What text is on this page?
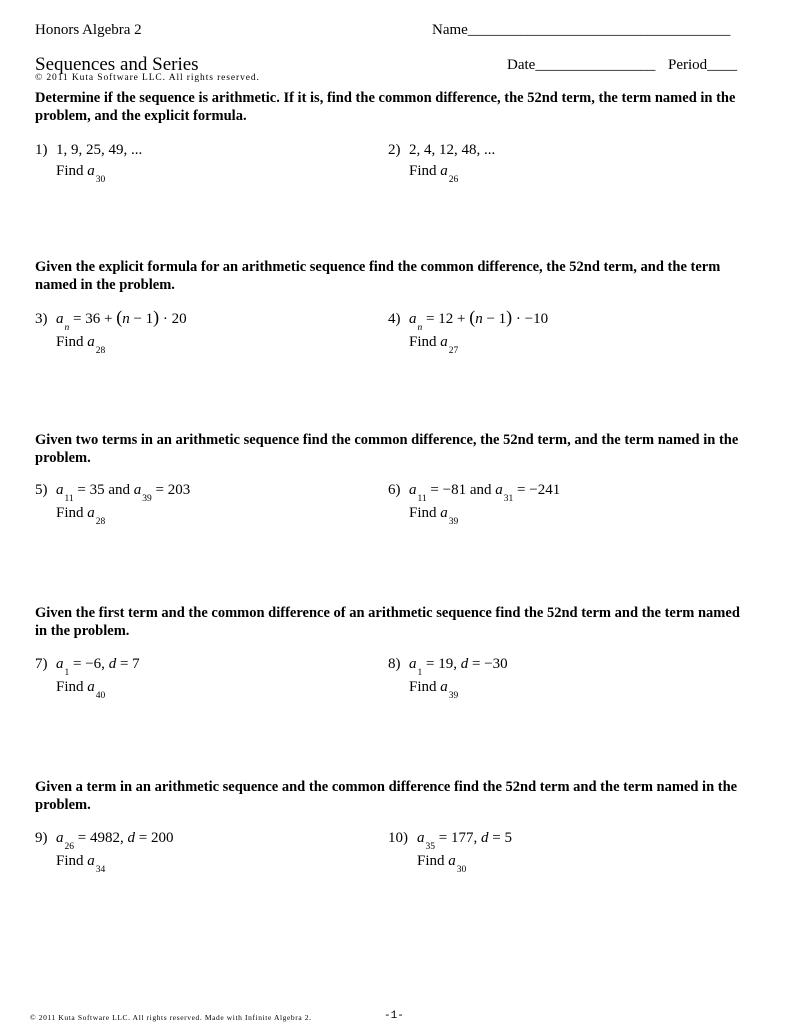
Honors Algebra 2	Name___________________________________
Sequences and Series	Date________________ Period____
© 2011 Kuta Software LLC. All rights reserved.
Determine if the sequence is arithmetic. If it is, find the common difference, the 52nd term, the term named in the problem, and the explicit formula.
1) 1, 9, 25, 49, ...
Find $a_{30}$
2) 2, 4, 12, 48, ...
Find $a_{26}$
Given the explicit formula for an arithmetic sequence find the common difference, the 52nd term, and the term named in the problem.
3) $a_n = 36 + (n - 1) \cdot 20$
Find $a_{28}$
4) $a_n = 12 + (n - 1) \cdot -10$
Find $a_{27}$
Given two terms in an arithmetic sequence find the common difference, the 52nd term, and the term named in the problem.
5) $a_{11} = 35$ and $a_{39} = 203$
Find $a_{28}$
6) $a_{11} = -81$ and $a_{31} = -241$
Find $a_{39}$
Given the first term and the common difference of an arithmetic sequence find the 52nd term and the term named in the problem.
7) $a_1 = -6$, d = 7
Find $a_{40}$
8) $a_1 = 19$, d = −30
Find $a_{39}$
Given a term in an arithmetic sequence and the common difference find the 52nd term and the term named in the problem.
9) $a_{26} = 4982$, d = 200
Find $a_{34}$
10) $a_{35} = 177$, d = 5
Find $a_{30}$
© 2011 Kuta Software LLC. All rights reserved. Made with Infinite Algebra 2.	-1-
